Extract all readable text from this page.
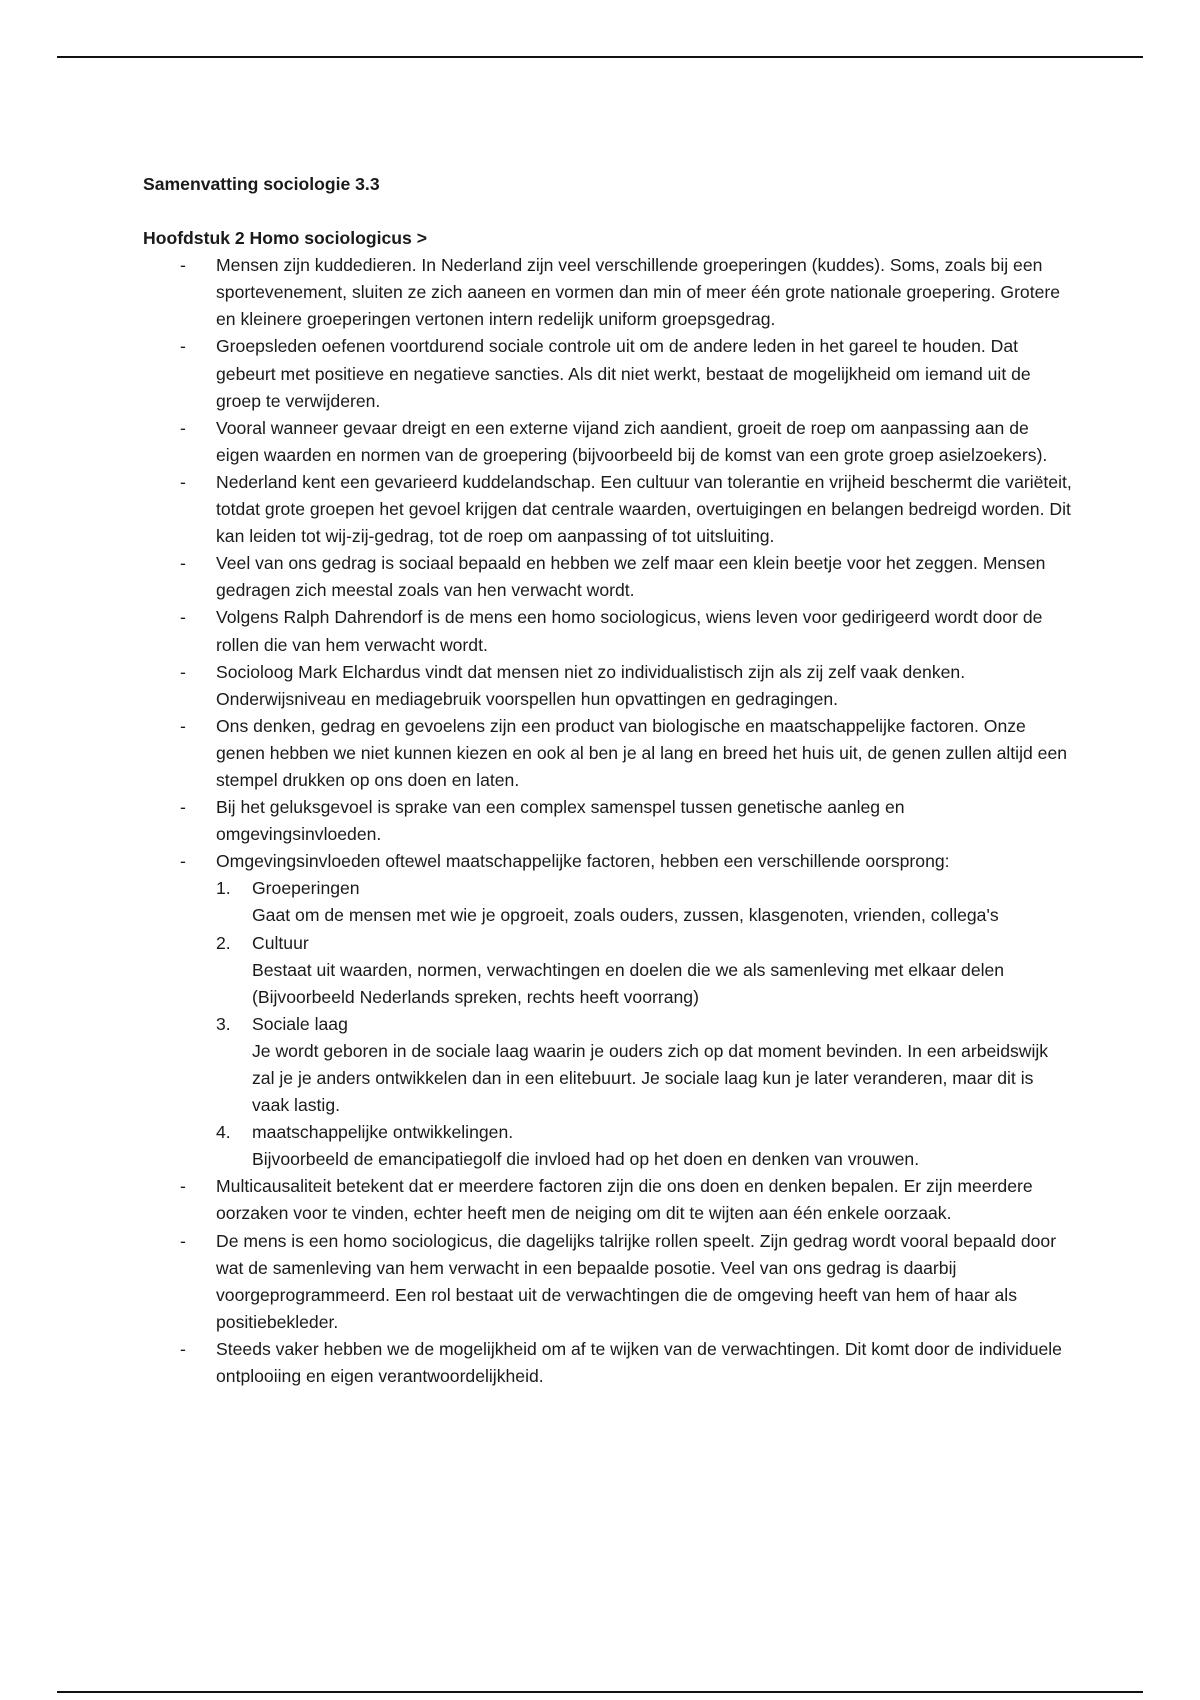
Samenvatting sociologie 3.3

Hoofdstuk 2 Homo sociologicus >

- Mensen zijn kuddedieren. In Nederland zijn veel verschillende groeperingen (kuddes). Soms, zoals bij een sportevenement, sluiten ze zich aaneen en vormen dan min of meer één grote nationale groepering. Grotere en kleinere groeperingen vertonen intern redelijk uniform groepsgedrag.
- Groepsleden oefenen voortdurend sociale controle uit om de andere leden in het gareel te houden. Dat gebeurt met positieve en negatieve sancties. Als dit niet werkt, bestaat de mogelijkheid om iemand uit de groep te verwijderen.
- Vooral wanneer gevaar dreigt en een externe vijand zich aandient, groeit de roep om aanpassing aan de eigen waarden en normen van de groepering (bijvoorbeeld bij de komst van een grote groep asielzoekers).
- Nederland kent een gevarieerd kuddelandschap. Een cultuur van tolerantie en vrijheid beschermt die variëteit, totdat grote groepen het gevoel krijgen dat centrale waarden, overtuigingen en belangen bedreigd worden. Dit kan leiden tot wij-zij-gedrag, tot de roep om aanpassing of tot uitsluiting.
- Veel van ons gedrag is sociaal bepaald en hebben we zelf maar een klein beetje voor het zeggen. Mensen gedragen zich meestal zoals van hen verwacht wordt.
- Volgens Ralph Dahrendorf is de mens een homo sociologicus, wiens leven voor gedirigeerd wordt door de rollen die van hem verwacht wordt.
- Socioloog Mark Elchardus vindt dat mensen niet zo individualistisch zijn als zij zelf vaak denken. Onderwijsniveau en mediagebruik voorspellen hun opvattingen en gedragingen.
- Ons denken, gedrag en gevoelens zijn een product van biologische en maatschappelijke factoren. Onze genen hebben we niet kunnen kiezen en ook al ben je al lang en breed het huis uit, de genen zullen altijd een stempel drukken op ons doen en laten.
- Bij het geluksgevoel is sprake van een complex samenspel tussen genetische aanleg en omgevingsinvloeden.
- Omgevingsinvloeden oftewel maatschappelijke factoren, hebben een verschillende oorsprong:
1. Groeperingen
Gaat om de mensen met wie je opgroeit, zoals ouders, zussen, klasgenoten, vrienden, collega's
2. Cultuur
Bestaat uit waarden, normen, verwachtingen en doelen die we als samenleving met elkaar delen (Bijvoorbeeld Nederlands spreken, rechts heeft voorrang)
3. Sociale laag
Je wordt geboren in de sociale laag waarin je ouders zich op dat moment bevinden. In een arbeidswijk zal je je anders ontwikkelen dan in een elitebuurt. Je sociale laag kun je later veranderen, maar dit is vaak lastig.
4. maatschappelijke ontwikkelingen.
Bijvoorbeeld de emancipatiegolf die invloed had op het doen en denken van vrouwen.
- Multicausaliteit betekent dat er meerdere factoren zijn die ons doen en denken bepalen. Er zijn meerdere oorzaken voor te vinden, echter heeft men de neiging om dit te wijten aan één enkele oorzaak.
- De mens is een homo sociologicus, die dagelijks talrijke rollen speelt. Zijn gedrag wordt vooral bepaald door wat de samenleving van hem verwacht in een bepaalde posotie. Veel van ons gedrag is daarbij voorgeprogrammeerd. Een rol bestaat uit de verwachtingen die de omgeving heeft van hem of haar als positiebekleder.
- Steeds vaker hebben we de mogelijkheid om af te wijken van de verwachtingen. Dit komt door de individuele ontplooiing en eigen verantwoordelijkheid.
